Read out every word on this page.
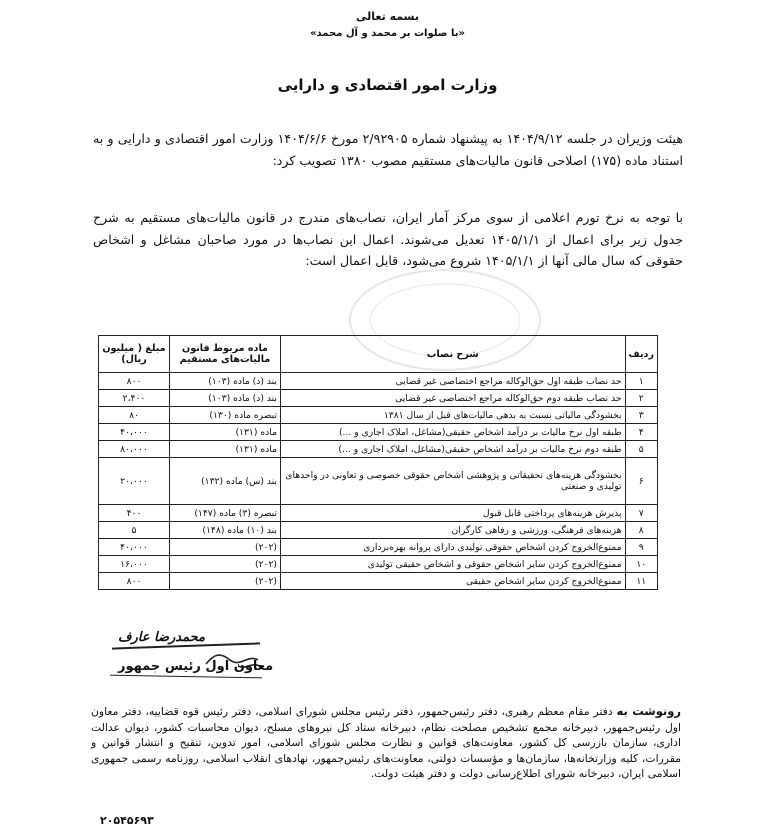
بسمه تعالی
«با صلوات بر محمد و آل محمد»
وزارت امور اقتصادی و دارایی
هیئت وزیران در جلسه ۱۴۰۴/۹/۱۲ به پیشنهاد شماره ۲/۹۲۹۰۵ مورخ ۱۴۰۴/۶/۶ وزارت امور اقتصادی و دارایی و به استناد ماده (۱۷۵) اصلاحی قانون مالیات‌های مستقیم مصوب ۱۳۸۰ تصویب کرد:
با توجه به نرخ تورم اعلامی از سوی مرکز آمار ایران، نصاب‌های مندرج در قانون مالیات‌های مستقیم به شرح جدول زیر برای اعمال از ۱۴۰۵/۱/۱ تعدیل می‌شوند. اعمال این نصاب‌ها در مورد صاحبان مشاغل و اشخاص حقوقی که سال مالی آنها از ۱۴۰۵/۱/۱ شروع می‌شود، قابل اعمال است:
ردیف	شرح نصاب	ماده مربوط قانون مالیات‌های مستقیم	مبلغ ( میلیون ریال)
۱	حد نصاب طبقه اول حق‌الوکاله مراجع اختصاصی غیر قضایی	بند (د) ماده (۱۰۳)	۸۰۰
۲	حد نصاب طبقه دوم حق‌الوکاله مراجع اختصاصی غیر قضایی	بند (د) ماده (۱۰۳)	۲،۴۰۰
۳	بخشودگی مالیاتی نسبت به بدهی مالیات‌های قبل از سال ۱۳۸۱	تبصره ماده (۱۳۰)	۸۰
۴	طبقه اول نرخ مالیات بر درآمد اشخاص حقیقی(مشاغل، املاک اجاری و ...)	ماده (۱۳۱)	۴۰،۰۰۰
۵	طبقه دوم نرخ مالیات بر درآمد اشخاص حقیقی(مشاغل، املاک اجاری و ...)	ماده (۱۳۱)	۸۰،۰۰۰
۶	بخشودگی هزینه‌های تحقیقاتی و پژوهشی اشخاص حقوقی خصوصی و تعاونی در واحدهای تولیدی و صنعتی	بند (س) ماده (۱۳۲)	۲۰،۰۰۰
۷	پذیرش هزینه‌های پرداختی قابل قبول	تبصره (۳) ماده (۱۴۷)	۴۰۰
۸	هزینه‌های فرهنگی، ورزشی و رفاهی کارگران	بند (۱۰) ماده (۱۴۸)	۵
۹	ممنوع‌الخروج کردن اشخاص حقوقی تولیدی دارای پروانه بهره‌برداری	(۲۰۲)	۴۰،۰۰۰
۱۰	ممنوع‌الخروج کردن سایر اشخاص حقوقی و اشخاص حقیقی تولیدی	(۲۰۲)	۱۶،۰۰۰
۱۱	ممنوع‌الخروج کردن سایر اشخاص حقیقی	(۲۰۲)	۸۰۰
محمدرضا عارف
معاون اول رئیس جمهور
رونوشت به دفتر مقام معظم رهبری، دفتر رئیس‌جمهور، دفتر رئیس مجلس شورای اسلامی، دفتر رئیس قوه قضاییه، دفتر معاون اول رئیس‌جمهور، دبیرخانه مجمع تشخیص مصلحت نظام، دبیرخانه ستاد کل نیروهای مسلح، دیوان محاسبات کشور، دیوان عدالت اداری، سازمان بازرسی کل کشور، معاونت‌های قوانین و نظارت مجلس شورای اسلامی، امور تدوین، تنقیح و انتشار قوانین و مقررات، کلیه وزارتخانه‌ها، سازمان‌ها و مؤسسات دولتی، معاونت‌های رئیس‌جمهور، نهادهای انقلاب اسلامی، روزنامه رسمی جمهوری اسلامی ایران، دبیرخانه شورای اطلاع‌رسانی دولت و دفتر هیئت دولت.
۲۰۵۴۵۶۹۳
